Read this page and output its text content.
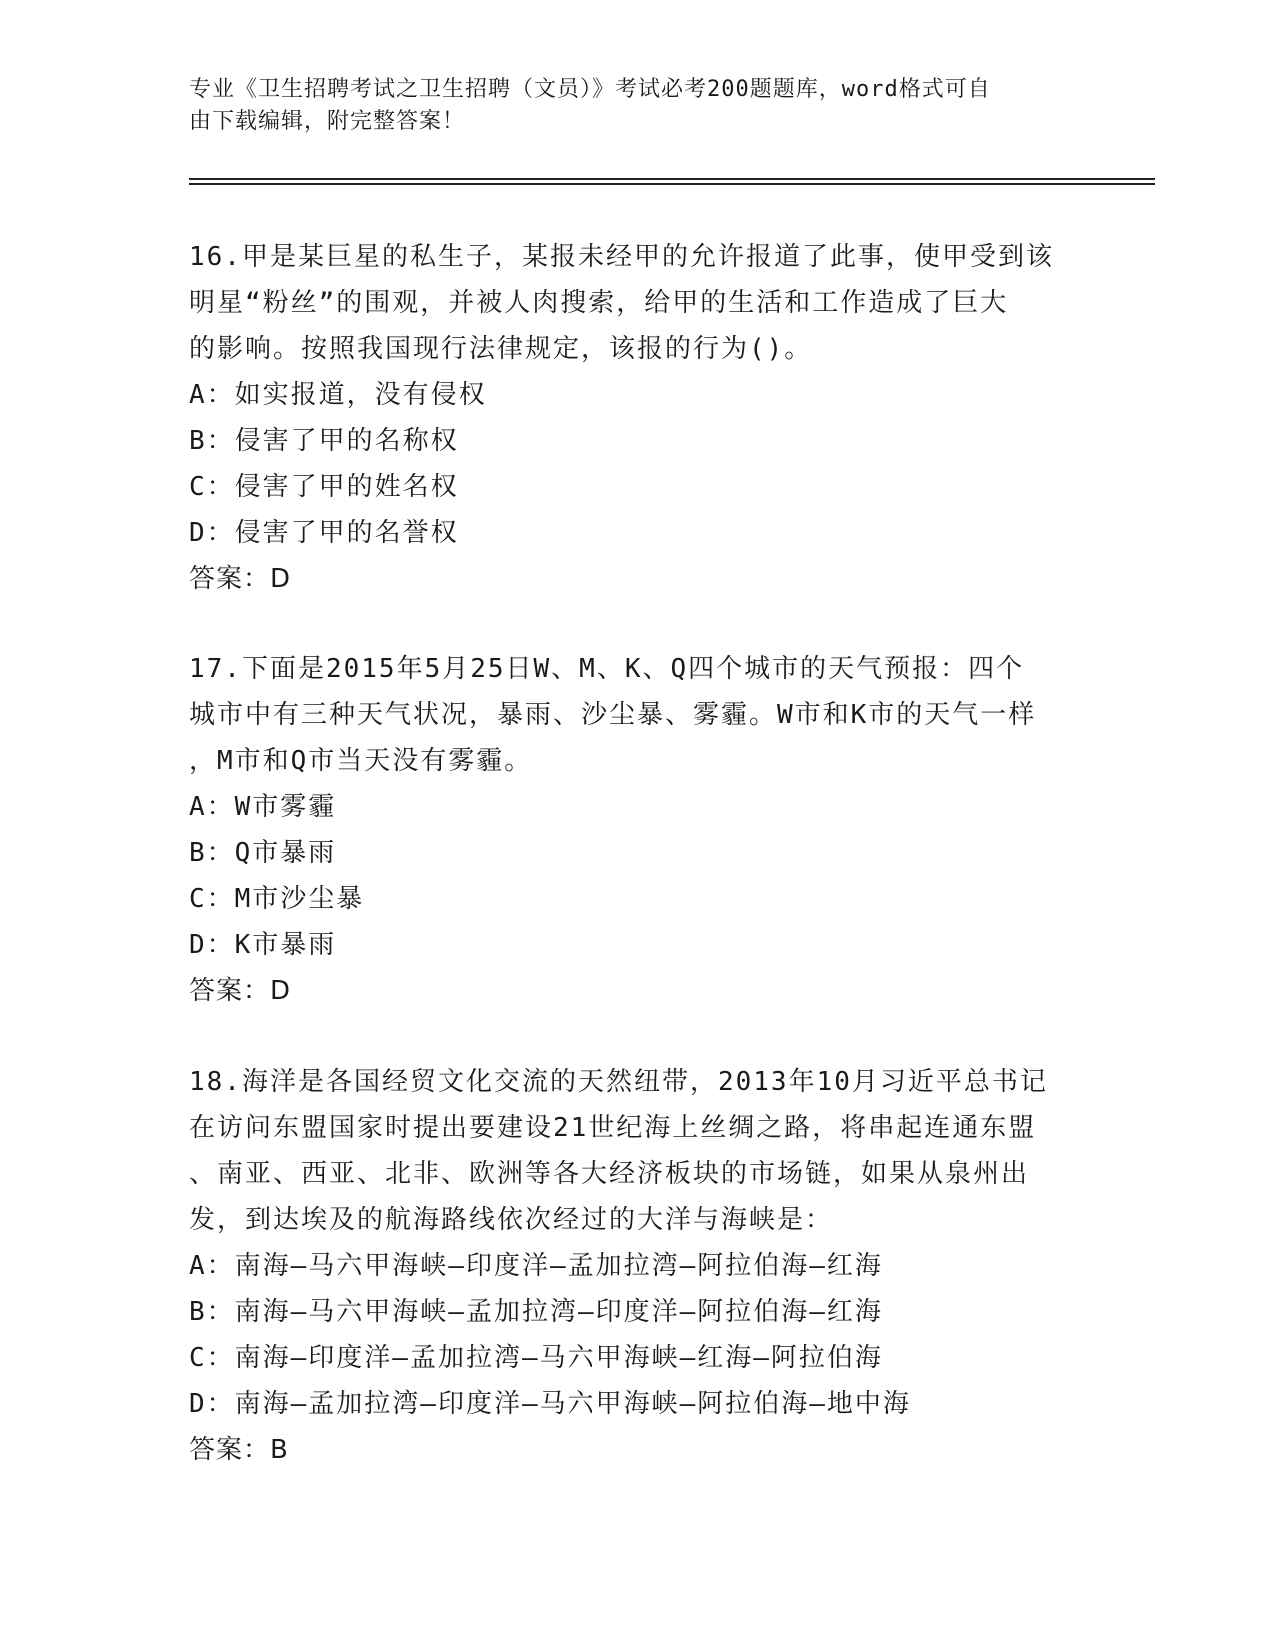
专业《卫生招聘考试之卫生招聘（文员）》考试必考200题题库，word格式可自
由下载编辑，附完整答案！

16.甲是某巨星的私生子，某报未经甲的允许报道了此事，使甲受到该

明星“粉丝”的围观，并被人肉搜索，给甲的生活和工作造成了巨大

的影响。按照我国现行法律规定，该报的行为()。

A：如实报道，没有侵权

B：侵害了甲的名称权

C：侵害了甲的姓名权

D：侵害了甲的名誉权

答案：D

17.下面是2015年5月25日W、M、K、Q四个城市的天气预报：四个

城市中有三种天气状况，暴雨、沙尘暴、雾霾。W市和K市的天气一样

，M市和Q市当天没有雾霾。

A：W市雾霾

B：Q市暴雨

C：M市沙尘暴

D：K市暴雨

答案：D

18.海洋是各国经贸文化交流的天然纽带，2013年10月习近平总书记

在访问东盟国家时提出要建设21世纪海上丝绸之路，将串起连通东盟

、南亚、西亚、北非、欧洲等各大经济板块的市场链，如果从泉州出

发，到达埃及的航海路线依次经过的大洋与海峡是：

A：南海—马六甲海峡—印度洋—孟加拉湾—阿拉伯海—红海

B：南海—马六甲海峡—孟加拉湾—印度洋—阿拉伯海—红海

C：南海—印度洋—孟加拉湾—马六甲海峡—红海—阿拉伯海

D：南海—孟加拉湾—印度洋—马六甲海峡—阿拉伯海—地中海

答案：B
